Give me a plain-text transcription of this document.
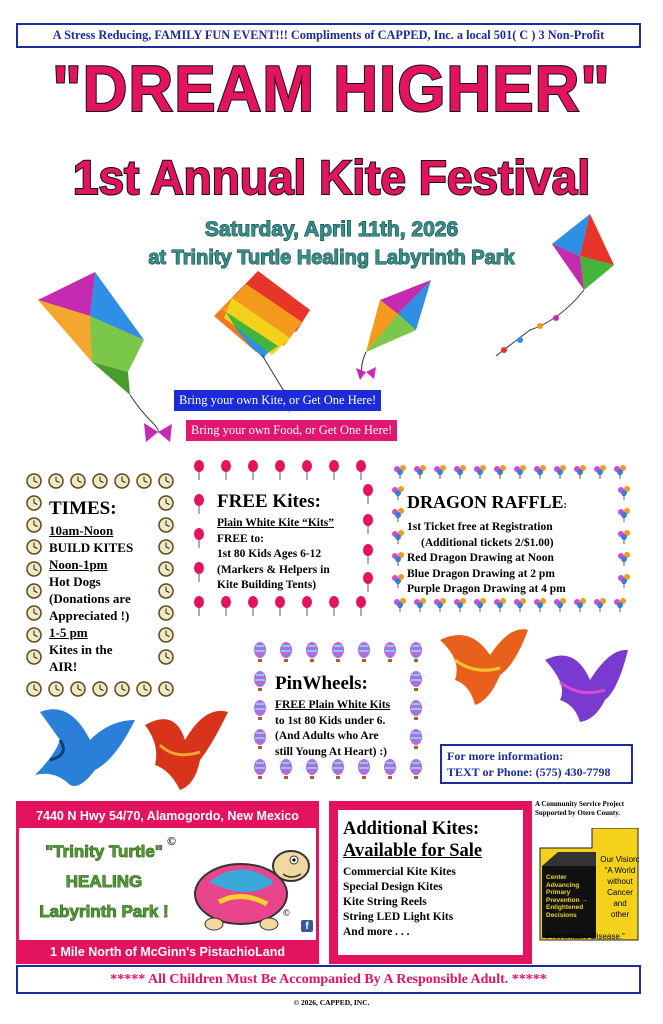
A Stress Reducing, FAMILY FUN EVENT!!! Compliments of CAPPED, Inc. a local 501( C ) 3 Non-Profit
"DREAM HIGHER"
1st Annual Kite Festival
Saturday, April 11th, 2026
at Trinity Turtle Healing Labyrinth Park
Bring your own Kite, or Get One Here!
Bring your own Food, or Get One Here!
TIMES:
10am-Noon
BUILD KITES
Noon-1pm
Hot Dogs
(Donations are
Appreciated !)
1-5 pm
Kites in the
AIR!
FREE Kites:
Plain White Kite “Kits”
FREE to:
1st 80 Kids Ages 6-12
(Markers & Helpers in
Kite Building Tents)
DRAGON RAFFLE:
1st Ticket free at Registration
(Additional tickets 2/$1.00)
Red Dragon Drawing at Noon
Blue Dragon Drawing at 2 pm
Purple Dragon Drawing at 4 pm
PinWheels:
FREE Plain White Kits
to 1st 80 Kids under 6.
(And Adults who Are
still Young At Heart) :)	For more information:
TEXT or Phone: (575) 430-7798
7440 N Hwy 54/70, Alamogordo, New Mexico
"Trinity Turtle"
HEALING
Labyrinth Park !
©
©
f
1 Mile North of McGinn's PistachioLand
Additional Kites:
Available for Sale
Commercial Kite Kites
Special Design Kites
Kite String Reels
String LED Light Kits
And more . . .
A Community Service Project
Supported by Otero County.
Center
Advancing
Primary
Prevention →
Enlightened
Decisions
Our Vision:
“A World
without
Cancer
and
other
Preventable Disease.”
***** All Children Must Be Accompanied By A Responsible Adult. *****
© 2026, CAPPED, INC.
